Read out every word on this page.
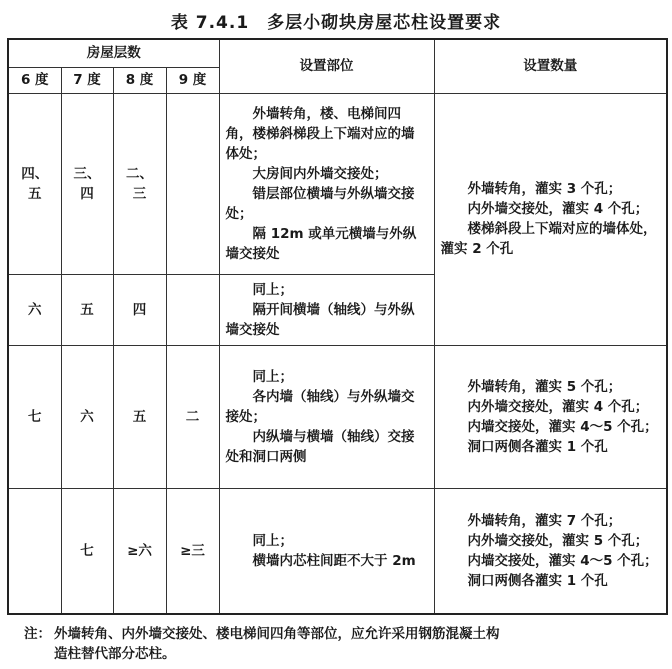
表 7.4.1 多层小砌块房屋芯柱设置要求
房屋层数				设置部位	设置数量
6 度	7 度	8 度	9 度		
四、五	三、四	二、三		外墙转角，楼、电梯间四角，楼梯斜梯段上下端对应的墙体处；
大房间内外墙交接处；
错层部位横墙与外纵墙交接处；
隔 12m 或单元横墙与外纵墙交接处	外墙转角，灌实 3 个孔；
内外墙交接处，灌实 4 个孔；
楼梯斜段上下端对应的墙体处，灌实 2 个孔

六	五	四		同上；
隔开间横墙（轴线）与外纵墙交接处	

七	六	五	二	同上；
各内墙（轴线）与外纵墙交接处；
内纵墙与横墙（轴线）交接处和洞口两侧	外墙转角，灌实 5 个孔；
内外墙交接处，灌实 4 个孔；
内墙交接处，灌实 4～5 个孔；
洞口两侧各灌实 1 个孔

	七	≥六	≥三	同上；
横墙内芯柱间距不大于 2m	外墙转角，灌实 7 个孔；
内外墙交接处，灌实 5 个孔；
内墙交接处，灌实 4～5 个孔；
洞口两侧各灌实 1 个孔
注： 外墙转角、内外墙交接处、楼电梯间四角等部位，应允许采用钢筋混凝土构
造柱替代部分芯柱。
